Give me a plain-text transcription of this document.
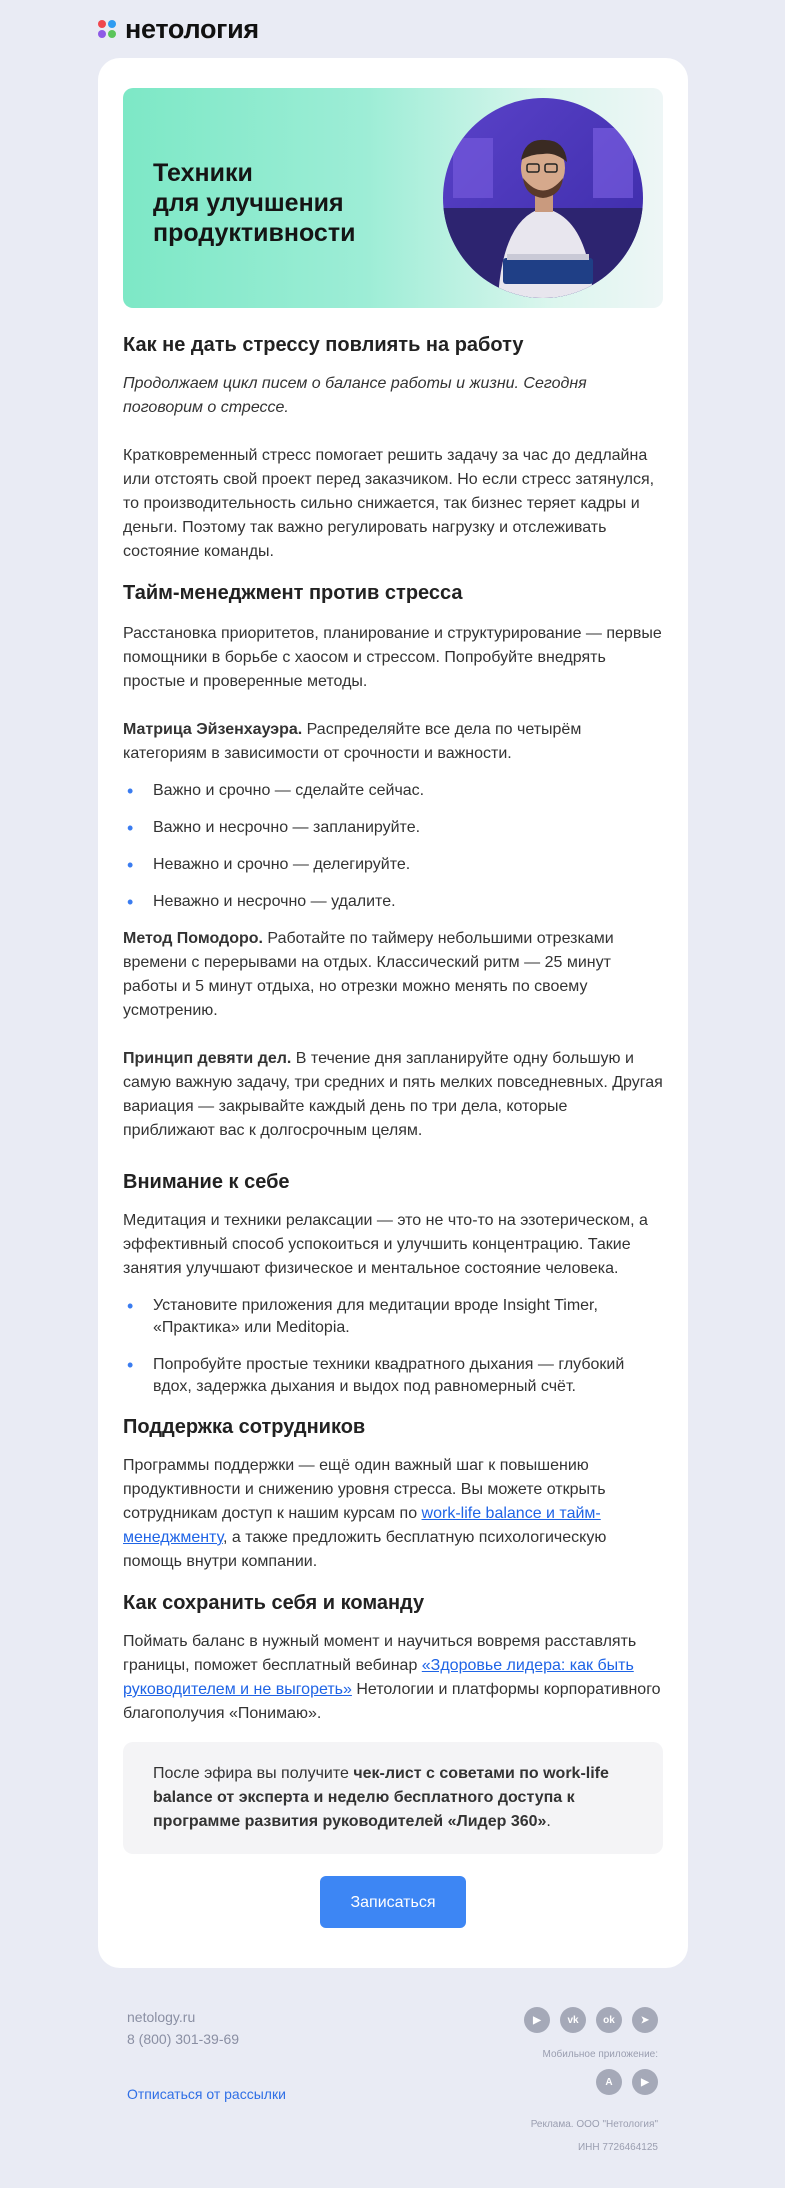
нетология
Техники
для улучшения
продуктивности
Как не дать стрессу повлиять на работу

Продолжаем цикл писем о балансе работы и жизни. Сегодня поговорим о стрессе.

Кратковременный стресс помогает решить задачу за час до дедлайна или отстоять свой проект перед заказчиком. Но если стресс затянулся, то производительность сильно снижается, так бизнес теряет кадры и деньги. Поэтому так важно регулировать нагрузку и отслеживать состояние команды.

Тайм-менеджмент против стресса

Расстановка приоритетов, планирование и структурирование — первые помощники в борьбе с хаосом и стрессом. Попробуйте внедрять простые и проверенные методы.

Матрица Эйзенхауэра. Распределяйте все дела по четырём категориям в зависимости от срочности и важности.

• Важно и срочно — сделайте сейчас.
• Важно и несрочно — запланируйте.
• Неважно и срочно — делегируйте.
• Неважно и несрочно — удалите.

Метод Помодоро. Работайте по таймеру небольшими отрезками времени с перерывами на отдых. Классический ритм — 25 минут работы и 5 минут отдыха, но отрезки можно менять по своему усмотрению.

Принцип девяти дел. В течение дня запланируйте одну большую и самую важную задачу, три средних и пять мелких повседневных. Другая вариация — закрывайте каждый день по три дела, которые приближают вас к долгосрочным целям.

Внимание к себе

Медитация и техники релаксации — это не что-то на эзотерическом, а эффективный способ успокоиться и улучшить концентрацию. Такие занятия улучшают физическое и ментальное состояние человека.

• Установите приложения для медитации вроде Insight Timer, «Практика» или Meditopia.
• Попробуйте простые техники квадратного дыхания — глубокий вдох, задержка дыхания и выдох под равномерный счёт.
Поддержка сотрудников

Программы поддержки — ещё один важный шаг к повышению продуктивности и снижению уровня стресса. Вы можете открыть сотрудникам доступ к нашим курсам по work-life balance и тайм-менеджменту, а также предложить бесплатную психологическую помощь внутри компании.

Как сохранить себя и команду

Поймать баланс в нужный момент и научиться вовремя расставлять границы, поможет бесплатный вебинар «Здоровье лидера: как быть руководителем и не выгореть» Нетологии и платформы корпоративного благополучия «Понимаю».

После эфира вы получите чек-лист с советами по work-life balance от эксперта и неделю бесплатного доступа к программе развития руководителей «Лидер 360».

Записаться
netology.ru
8 (800) 301-39-69
Отписаться от рассылки
▶	vk	ok	➤
Мобильное приложение:
A	▶
Реклама. ООО "Нетология"
ИНН 7726464125
